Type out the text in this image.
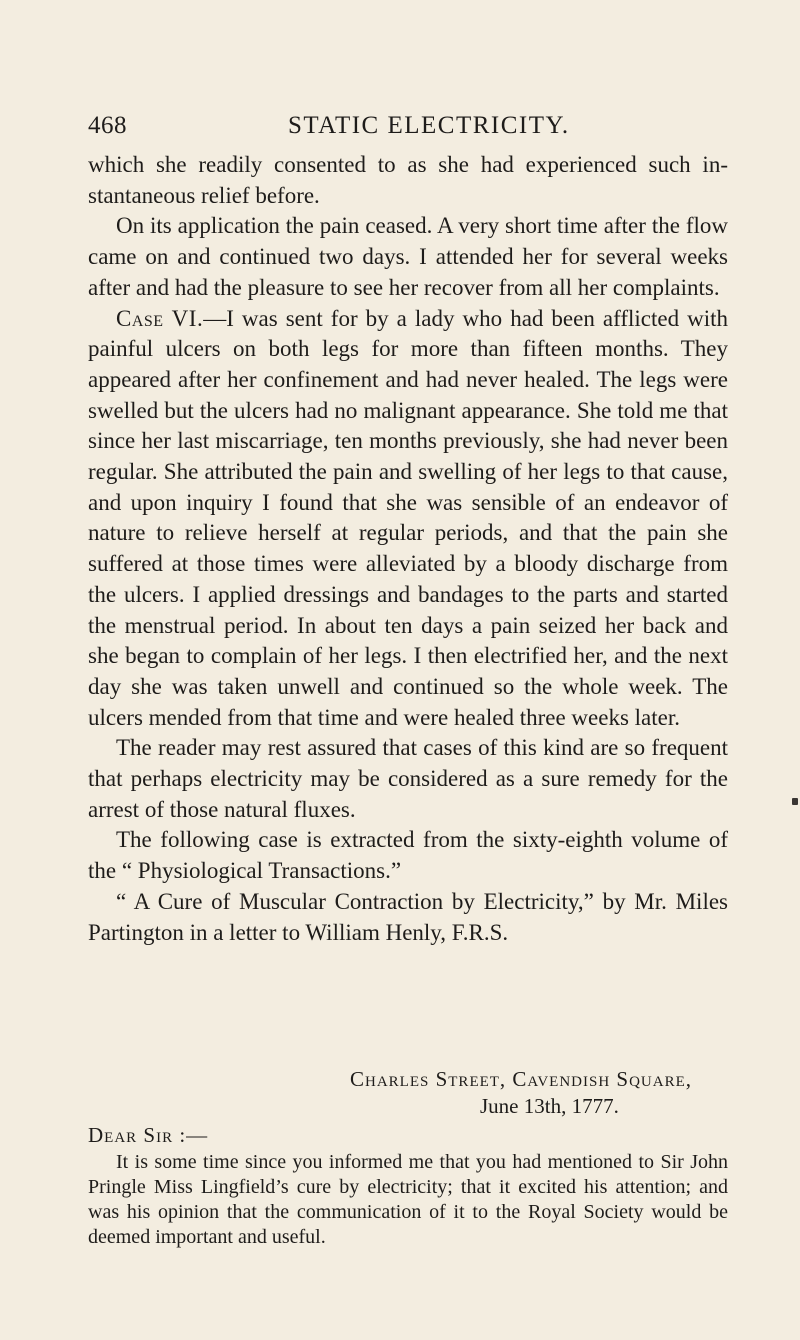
468	STATIC ELECTRICITY.

which she readily consented to as she had experienced such instantaneous relief before.

On its application the pain ceased. A very short time after the flow came on and continued two days. I attended her for several weeks after and had the pleasure to see her recover from all her complaints.

Case VI.—I was sent for by a lady who had been afflicted with painful ulcers on both legs for more than fifteen months. They appeared after her confinement and had never healed. The legs were swelled but the ulcers had no malignant appearance. She told me that since her last miscarriage, ten months previously, she had never been regular. She attributed the pain and swelling of her legs to that cause, and upon inquiry I found that she was sensible of an endeavor of nature to relieve herself at regular periods, and that the pain she suffered at those times were alleviated by a bloody discharge from the ulcers. I applied dressings and bandages to the parts and started the menstrual period. In about ten days a pain seized her back and she began to complain of her legs. I then electrified her, and the next day she was taken unwell and continued so the whole week. The ulcers mended from that time and were healed three weeks later.

The reader may rest assured that cases of this kind are so frequent that perhaps electricity may be considered as a sure remedy for the arrest of those natural fluxes.

The following case is extracted from the sixty-eighth volume of the “ Physiological Transactions.”

“ A Cure of Muscular Contraction by Electricity,” by Mr. Miles Partington in a letter to William Henly, F.R.S.

Charles Street, Cavendish Square,
June 13th, 1777.
Dear Sir :—
It is some time since you informed me that you had mentioned to Sir John Pringle Miss Lingfield’s cure by electricity; that it excited his attention; and was his opinion that the communication of it to the Royal Society would be deemed important and useful.
